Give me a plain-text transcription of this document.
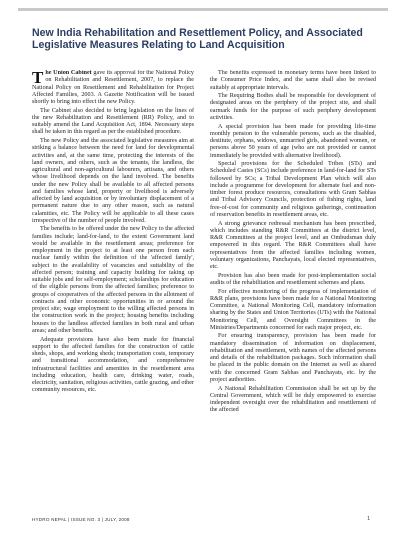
New India Rehabilitation and Resettlement Policy, and Associated Legislative Measures Relating to Land Acquisition

The Union Cabinet gave its approval for the National Policy on Rehabilitation and Resettlement, 2007, to replace the National Policy on Resettlement and Rehabilitation for Project Affected Families, 2003. A Gazette Notification will be issued shortly to bring into effect the new Policy.

The Cabinet also decided to bring legislation on the lines of the new Rehabilitation and Resettlement (RR) Policy, and to suitably amend the Land Acquisition Act, 1894. Necessary steps shall be taken in this regard as per the established procedure.

The new Policy and the associated legislative measures aim at striking a balance between the need for land for developmental activities and, at the same time, protecting the interests of the land owners, and others, such as the tenants, the landless, the agricultural and non-agricultural labourers, artisans, and others whose livelihood depends on the land involved. The benefits under the new Policy shall be available to all affected persons and families whose land, property or livelihood is adversely affected by land acquisition or by involuntary displacement of a permanent nature due to any other reason, such as natural calamities, etc. The Policy will be applicable to all these cases irrespective of the number of people involved.

The benefits to be offered under the new Policy to the affected families include; land-for-land, to the extent Government land would be available in the resettlement areas; preference for employment in the project to at least one person from each nuclear family within the definition of the 'affected family', subject to the availability of vacancies and suitability of the affected person; training and capacity building for taking up suitable jobs and for self-employment; scholarships for education of the eligible persons from the affected families; preference to groups of cooperatives of the affected persons in the allotment of contracts and other economic opportunities in or around the project site; wage employment to the willing affected persons in the construction work in the project; housing benefits including houses to the landless affected families in both rural and urban areas; and other benefits.

Adequate provisions have also been made for financial support to the affected families for the construction of cattle sheds, shops, and working sheds; transportation costs, temporary and transitional accommodation, and comprehensive infrastructural facilities and amenities in the resettlement area including education, health care, drinking water, roads, electricity, sanitation, religious activities, cattle grazing, and other community resources, etc.

The benefits expressed in monetary terms have been linked to the Consumer Price Index, and the same shall also be revised suitably at appropriate intervals.

The Requiring Bodies shall be responsible for development of designated areas on the periphery of the project site, and shall earmark funds for the purpose of such periphery development activities.

A special provision has been made for providing life-time monthly pension to the vulnerable persons, such as the disabled, destitute, orphans, widows, unmarried girls, abandoned women, or persons above 50 years of age (who are not provided or cannot immediately be provided with alternative livelihood).

Special provisions for the Scheduled Tribes (STs) and Scheduled Castes (SCs) include preference in land-for-land for STs followed by SCs; a Tribal Development Plan which will also include a programme for development for alternate fuel and non-timber forest produce resources, consultations with Gram Sabhas and Tribal Advisory Councils, protection of fishing rights, land free-of-cost for community and religious gatherings, continuation of reservation benefits in resettlement areas, etc.

A strong grievance redressal mechanism has been prescribed, which includes standing R&R Committees at the district level, R&R Committees at the project level, and an Ombudsman duly empowered in this regard. The R&R Committees shall have representatives from the affected families including women, voluntary organizations, Panchayats, local elected representatives, etc.

Provision has also been made for post-implementation social audits of the rehabilitation and resettlement schemes and plans.

For effective monitoring of the progress of implementation of R&R plans, provisions have been made for a National Monitoring Committee, a National Monitoring Cell, mandatory information sharing by the States and Union Territories (UTs) with the National Monitoring Cell, and Oversight Committees in the Ministries/Departments concerned for each major project, etc.

For ensuring transparency, provision has been made for mandatory dissemination of information on displacement, rehabilitation and resettlement, with names of the affected persons and details of the rehabilitation packages. Such information shall be placed in the public domain on the Internet as well as shared with the concerned Gram Sabhas and Panchayats, etc. by the project authorities.

A National Rehabilitation Commission shall be set up by the Central Government, which will be duly empowered to exercise independent oversight over the rehabilitation and resettlement of the affected

HYDRO NEPAL | ISSUE NO. 3 | JULY, 2008	1
